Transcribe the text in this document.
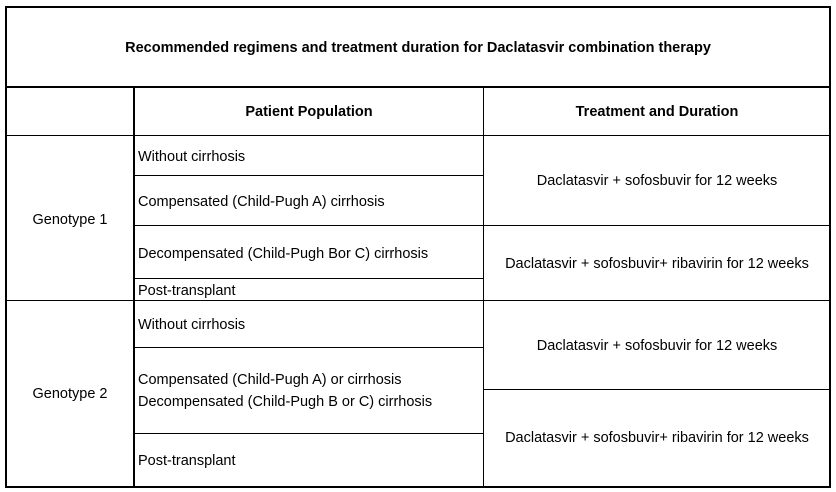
Recommended regimens and treatment duration for Daclatasvir combination therapy
Patient Population	Treatment and Duration
Genotype 1
Without cirrhosis
Compensated (Child-Pugh A) cirrhosis
Decompensated (Child-Pugh Bor C) cirrhosis
Post-transplant
Daclatasvir + sofosbuvir for 12 weeks
Daclatasvir + sofosbuvir+ ribavirin for 12 weeks
Genotype 2
Without cirrhosis
Compensated (Child-Pugh A) or cirrhosis
Decompensated (Child-Pugh B or C) cirrhosis
Post-transplant
Daclatasvir + sofosbuvir for 12 weeks
Daclatasvir + sofosbuvir+ ribavirin for 12 weeks
